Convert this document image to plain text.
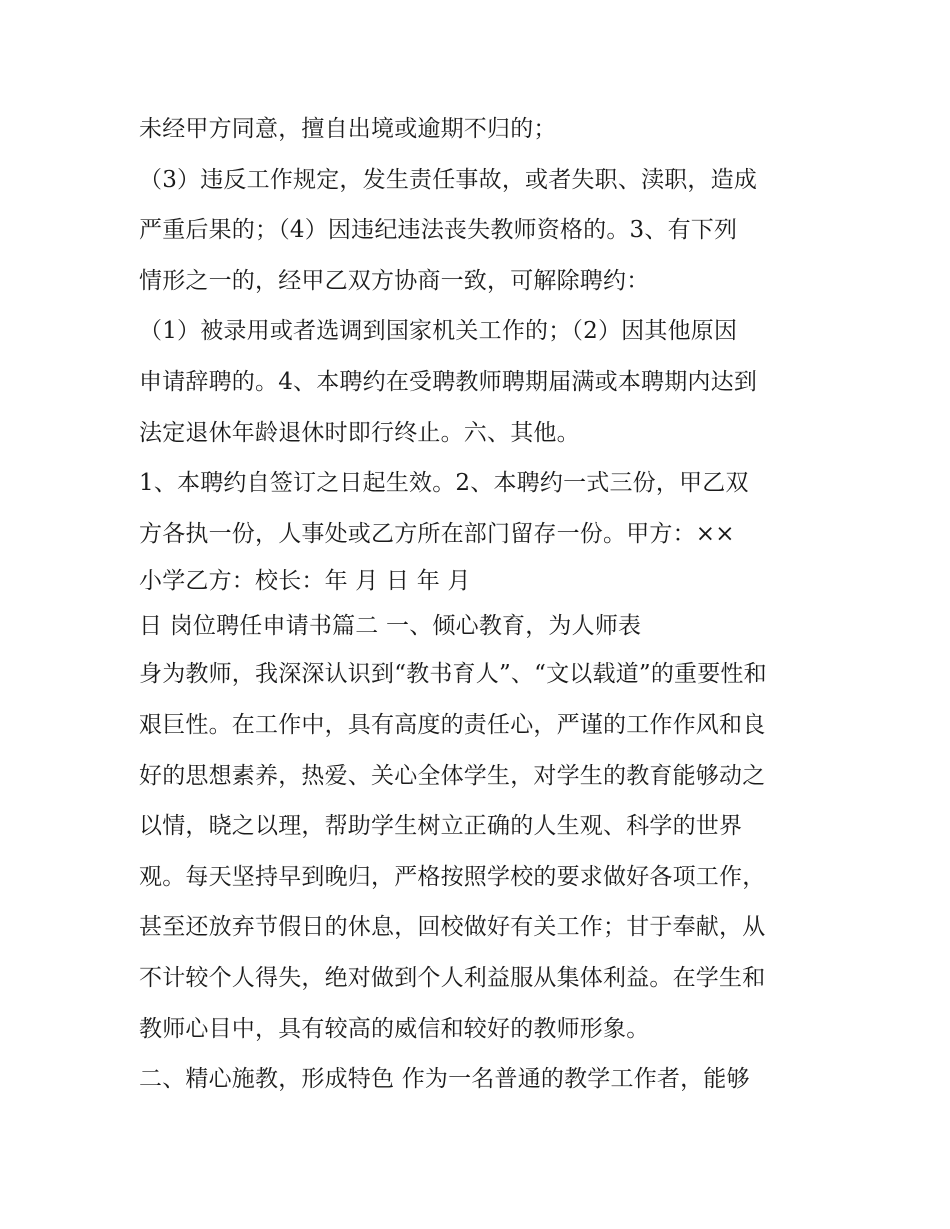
未经甲方同意，擅自出境或逾期不归的；
（3）违反工作规定，发生责任事故，或者失职、渎职，造成
严重后果的；（4）因违纪违法丧失教师资格的。3、有下列
情形之一的，经甲乙双方协商一致，可解除聘约：
（1）被录用或者选调到国家机关工作的；（2）因其他原因
申请辞聘的。4、本聘约在受聘教师聘期届满或本聘期内达到
法定退休年龄退休时即行终止。六、其他。
1、本聘约自签订之日起生效。2、本聘约一式三份，甲乙双
方各执一份，人事处或乙方所在部门留存一份。甲方：××
小学乙方：校长：年 月 日 年 月
日 岗位聘任申请书篇二 一、倾心教育，为人师表
身为教师，我深深认识到“教书育人”、“文以载道”的重要性和
艰巨性。在工作中，具有高度的责任心，严谨的工作作风和良
好的思想素养，热爱、关心全体学生，对学生的教育能够动之
以情，晓之以理，帮助学生树立正确的人生观、科学的世界
观。每天坚持早到晚归，严格按照学校的要求做好各项工作，
甚至还放弃节假日的休息，回校做好有关工作；甘于奉献，从
不计较个人得失，绝对做到个人利益服从集体利益。在学生和
教师心目中，具有较高的威信和较好的教师形象。
二、精心施教，形成特色 作为一名普通的教学工作者，能够
